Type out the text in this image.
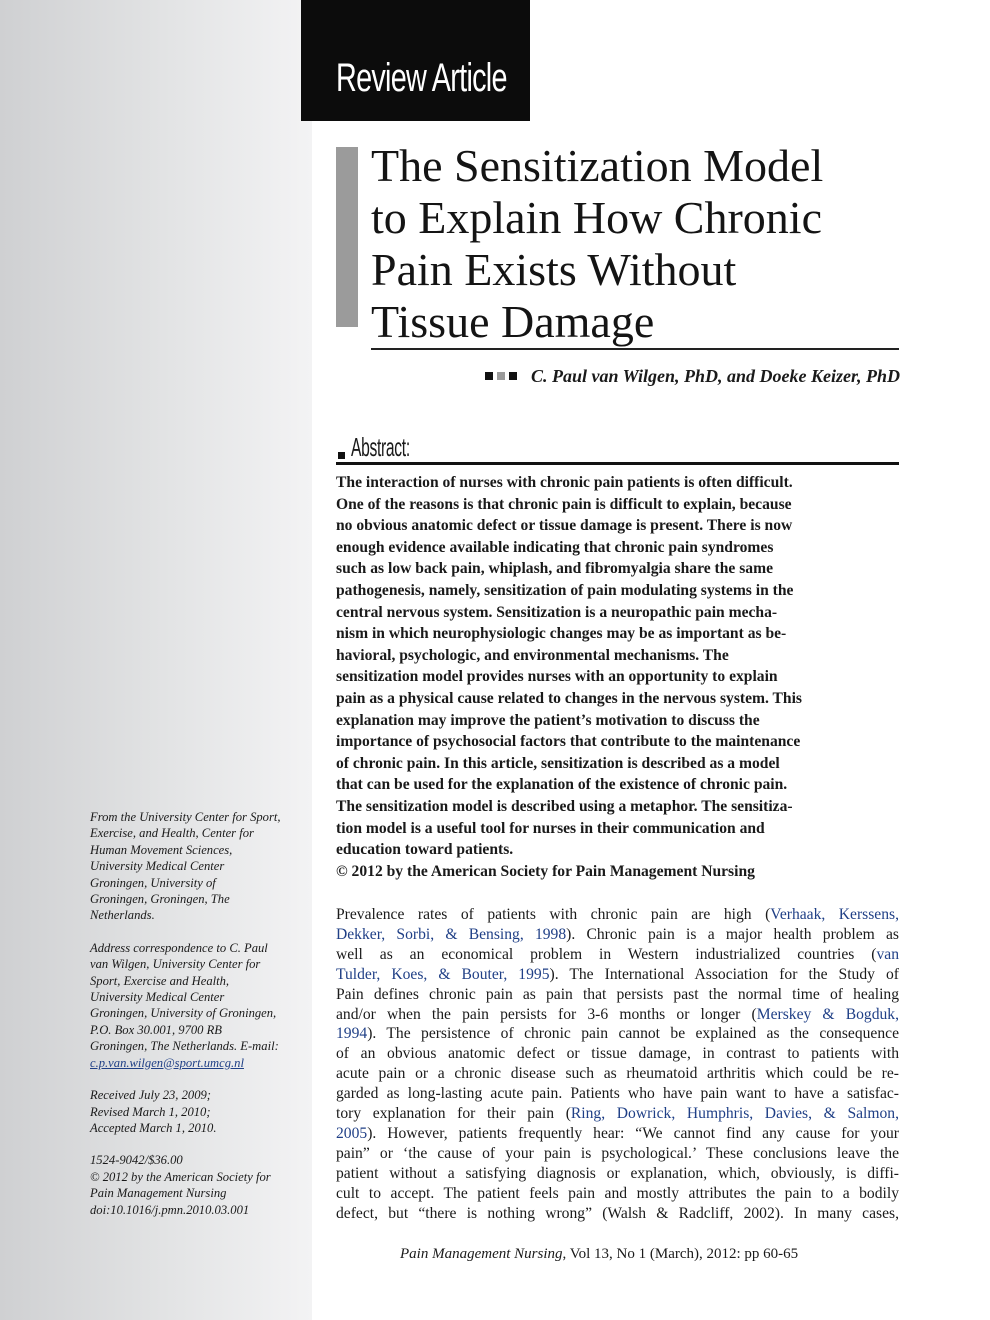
Review Article
The Sensitization Model
to Explain How Chronic
Pain Exists Without
Tissue Damage
C. Paul van Wilgen, PhD, and Doeke Keizer, PhD
Abstract:
The interaction of nurses with chronic pain patients is often difficult.
One of the reasons is that chronic pain is difficult to explain, because
no obvious anatomic defect or tissue damage is present. There is now
enough evidence available indicating that chronic pain syndromes
such as low back pain, whiplash, and fibromyalgia share the same
pathogenesis, namely, sensitization of pain modulating systems in the
central nervous system. Sensitization is a neuropathic pain mecha-
nism in which neurophysiologic changes may be as important as be-
havioral, psychologic, and environmental mechanisms. The
sensitization model provides nurses with an opportunity to explain
pain as a physical cause related to changes in the nervous system. This
explanation may improve the patient’s motivation to discuss the
importance of psychosocial factors that contribute to the maintenance
of chronic pain. In this article, sensitization is described as a model
that can be used for the explanation of the existence of chronic pain.
The sensitization model is described using a metaphor. The sensitiza-
tion model is a useful tool for nurses in their communication and
education toward patients.
© 2012 by the American Society for Pain Management Nursing
Prevalence rates of patients with chronic pain are high (Verhaak, Kerssens,
Dekker, Sorbi, & Bensing, 1998). Chronic pain is a major health problem as
well as an economical problem in Western industrialized countries (van
Tulder, Koes, & Bouter, 1995). The International Association for the Study of
Pain defines chronic pain as pain that persists past the normal time of healing
and/or when the pain persists for 3-6 months or longer (Merskey & Bogduk,
1994). The persistence of chronic pain cannot be explained as the consequence
of an obvious anatomic defect or tissue damage, in contrast to patients with
acute pain or a chronic disease such as rheumatoid arthritis which could be re-
garded as long-lasting acute pain. Patients who have pain want to have a satisfac-
tory explanation for their pain (Ring, Dowrick, Humphris, Davies, & Salmon,
2005). However, patients frequently hear: “We cannot find any cause for your
pain” or ‘the cause of your pain is psychological.’ These conclusions leave the
patient without a satisfying diagnosis or explanation, which, obviously, is diffi-
cult to accept. The patient feels pain and mostly attributes the pain to a bodily
defect, but “there is nothing wrong” (Walsh & Radcliff, 2002). In many cases,
From the University Center for Sport,
Exercise, and Health, Center for
Human Movement Sciences,
University Medical Center
Groningen, University of
Groningen, Groningen, The
Netherlands.
Address correspondence to C. Paul
van Wilgen, University Center for
Sport, Exercise and Health,
University Medical Center
Groningen, University of Groningen,
P.O. Box 30.001, 9700 RB
Groningen, The Netherlands. E-mail:
c.p.van.wilgen@sport.umcg.nl
Received July 23, 2009;
Revised March 1, 2010;
Accepted March 1, 2010.
1524-9042/$36.00
© 2012 by the American Society for
Pain Management Nursing
doi:10.1016/j.pmn.2010.03.001
Pain Management Nursing, Vol 13, No 1 (March), 2012: pp 60-65
